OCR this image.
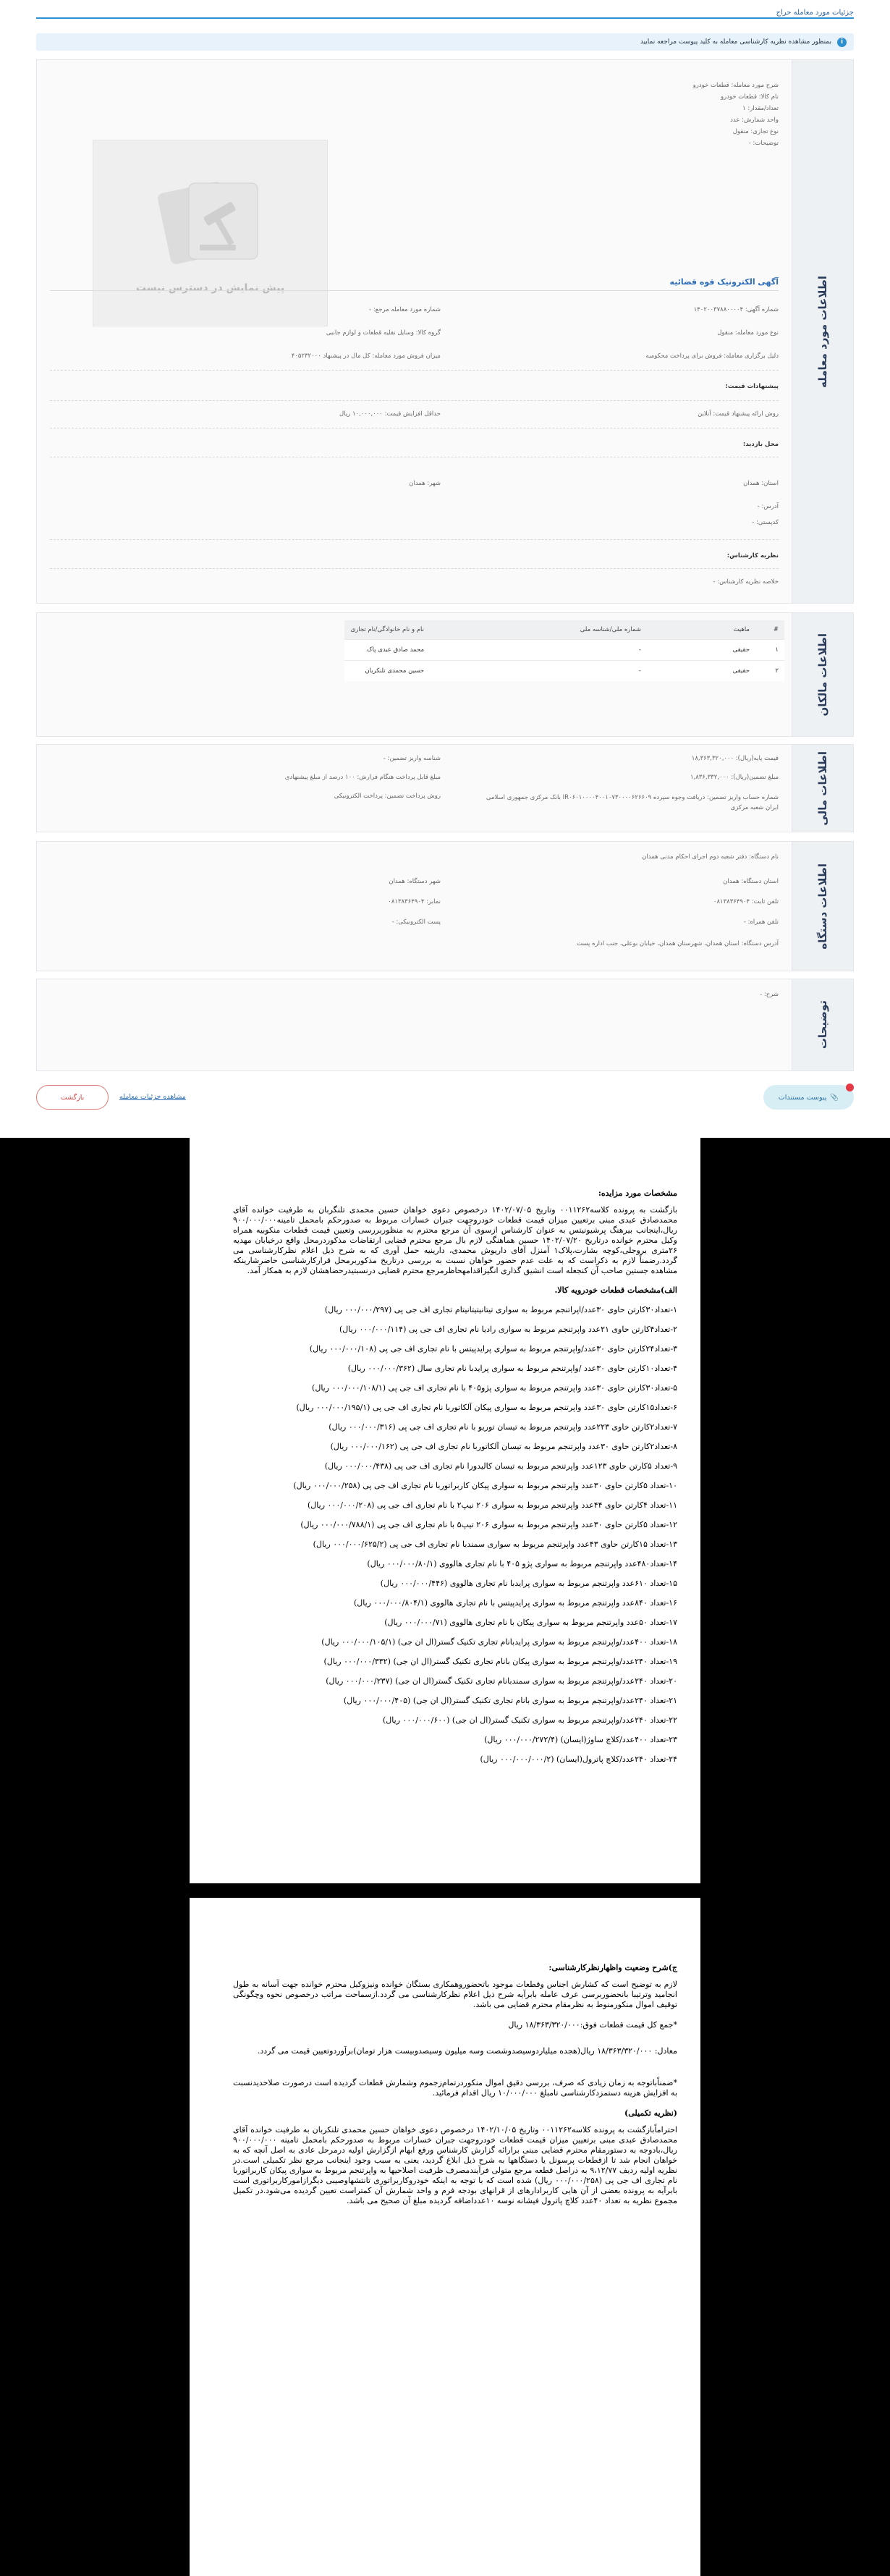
جزئیات مورد معامله حراج
i
بمنظور مشاهده نظریه کارشناسی معامله به کلید پیوست مراجعه نمایید
اطلاعات مورد معامله
شرح مورد معامله: قطعات خودرو
نام کالا: قطعات خودرو
تعداد/مقدار: ۱
واحد شمارش: عدد
نوع تجاری: منقول
توضیحات: -
پیش نمایش در دسترس نیست
آگهی الکترونیک قوه قضائیه
شماره آگهی: ۱۴۰۲۰۰۳۷۸۸۰۰۰۰۴
شماره مورد معامله مرجع: -
نوع مورد معامله: منقول
گروه کالا: وسایل نقلیه قطعات و لوازم جانبی
دلیل برگزاری معامله: فروش برای پرداخت محکومبه
میزان فروش مورد معامله: کل مال در پیشنهاد ۴۰۵۲۳۲۰۰۰
پیشنهادات قیمت:
روش ارائه پیشنهاد قیمت: آنلاین
حداقل افزایش قیمت: ۱۰,۰۰۰,۰۰۰ ریال
محل بازدید:
استان: همدان
شهر: همدان
آدرس: -
کدپستی: -
نظریه کارشناس:
خلاصه نظریه کارشناس: -
اطلاعات مالکان
#	ماهیت	شماره ملی/شناسه ملی	نام و نام خانوادگی/نام تجاری
۱	حقیقی	-	محمد صادق عبدی پاک
۲	حقیقی	-	حسین محمدی تلنکربان
اطلاعات مالی
قیمت پایه(ریال): ۱۸,۳۶۳,۳۲۰,۰۰۰
شناسه واریز تضمین: -
مبلغ تضمین(ریال): ۱,۸۳۶,۳۳۲,۰۰۰
مبلغ قابل پرداخت هنگام فرارش: ۱۰۰ درصد از مبلغ پیشنهادی
شماره حساب واریز تضمین: دریافت وجوه سپرده IR۰۶۰۱۰۰۰۰۴۰۰۱۰۷۳۰۰۰۰۶۲۶۶۰۹ بانک مرکزی جمهوری اسلامی ایران شعبه مرکزی
روش پرداخت تضمین: پرداخت الکترونیکی
اطلاعات دستگاه
نام دستگاه: دفتر شعبه دوم اجرای احکام مدنی همدان
استان دستگاه: همدان
شهر دستگاه: همدان
تلفن ثابت: ۰۸۱۳۸۳۶۴۹۰۴
نمابر: ۰۸۱۳۸۳۶۴۹۰۴
تلفن همراه: -
پست الکترونیکی: -
آدرس دستگاه: استان همدان، شهرستان همدان، خیابان بوعلی، جنب اداره پست
توضیحات
شرح: -
📎
پیوست مستندات
مشاهده جزئیات معامله
بازگشت
مشخصات مورد مزایده:

بازگشت به پرونده کلاسه۰۰۱۱۲۶۲ وتاریخ ۱۴۰۲/۰۷/۰۵ درخصوص دعوی خواهان حسین محمدی تلنگربان به طرفیت خوانده آقای محمدصادق عبدی مبنی برتعیین میزان قیمت قطعات خودروجهت جبران خسارات مربوط به صدورحکم بامحمل تامینه۹۰۰/۰۰۰/۰۰۰ ریال،اینجانب بیرهنگ پرشیونیتس به عنوان کارشناس ازسوی آن مرجع محترم به منظوربررسی وتعیین قیمت قطعات منکوبیه همراه وکیل محترم خوانده درتاریخ ۱۴۰۲/۰۷/۲۰ حسین هماهنگی لازم بال مرجع محترم قضایی ارتقاضات مذکوردرمحل واقع درخیابان مهدیه ۲۶متری بروجلی،کوچه بشارت،پلاک۱ آمنزل آقای داریوش محمدی، دارینیه حمل آوری که به شرح ذیل اعلام نظرکارشناسی می گردد.رضمناً لازم به ذکراست که به علت عدم حضور خواهان نسبت به بررسی درتاریخ مذکوربرمحل قرارکارشناسی حاضرشارینکه مشاهده جستین صاحب آن کنجعله است انشیق گذاری انگیزاقدامهحاظرمرجع محترم قضایی درنسبتیدرحضاهشان لازم به همکار آمد.

الف)مشخصات قطعات خودرویه کالا.
۱-تعداد۳۰کارتن حاوی ۳۰عدد/اپراتنجم مربوط به سواری تیتانیتیتانیتام تجاری اف جی پی (۰۰۰/۰۰۰/۲۹۷ ریال)
۲-تعداد۴کارتن حاوی ۲۱عدد واپرتنجم مربوط به سواری رادیا نام تجاری اف جی پی (۰۰۰/۰۰۰/۱۱۴ ریال)
۳-تعداد۲۴کارتن حاوی ۳۰عدد/واپرتنجم مربوط به سواری پرایدپیتس با نام تجاری اف جی پی (۰۰۰/۰۰۰/۱۰۸ ریال)
۴-تعداد۱۰کارتن حاوی ۳۰عدد /واپرتنجم مربوط به سواری پرایدبا نام تجاری سال (۰۰۰/۰۰۰/۳۶۲ ریال)
۵-تعداد۳۰کارتن حاوی ۳۰عدد واپرتنجم مربوط به سواری پژو۴۰۵ با نام تجاری اف جی پی (۰۰۰/۰۰۰/۱۰۸/۱ ریال)
۶-تعداد۱۵کارتن حاوی ۳۰عدد واپرتنجم مربوط به سواری پیکان آلکاتوربا نام تجاری اف جی پی (۰۰۰/۰۰۰/۱۹۵/۱ ریال)
۷-تعداد۲کارتن حاوی ۲۲۳عدد واپرتنجم مربوط به تیسان توریو با نام تجاری اف جی پی (۰۰۰/۰۰۰/۳۱۶ ریال)
۸-تعداد۲کارتن حاوی ۳۰عدد واپرتنجم مربوط به تیسان آلکاتوربا نام تجاری اف جی پی (۰۰۰/۰۰۰/۱۶۲ ریال)
۹-تعداد ۵کارتن حاوی ۱۲۳عدد واپرتنجم مربوط به تیسان کالیدورا نام تجاری اف جی پی (۰۰۰/۰۰۰/۴۳۸ ریال)
۱۰-تعداد ۵کارتن حاوی ۳۰عدد واپرتنجم مربوط به سواری پیکان کاربراتوربا نام تجاری اف جی پی (۰۰۰/۰۰۰/۲۵۸ ریال)
۱۱-تعداد ۴کارتن حاوی ۴۴عدد واپرتنجم مربوط به سواری ۲۰۶ نیپ۲ با نام تجاری اف جی پی (۰۰۰/۰۰۰/۲۰۸ ریال)
۱۲-تعداد ۵کارتن حاوی ۳۰عدد واپرتنجم مربوط به سواری ۲۰۶ تیپ۵ با نام تجاری اف جی پی (۰۰۰/۰۰۰/۷۸۸/۱ ریال)
۱۳-تعداد ۱۵کارتن حاوی ۴۳عدد واپرتنجم مربوط به سواری سمندبا نام تجاری اف جی پی (۰۰۰/۰۰۰/۶۲۵/۲ ریال)
۱۴-تعداد۴۸۰عدد واپرتنجم مربوط به سواری پژو ۴۰۵ با نام تجاری هالووی (۰۰۰/۰۰۰/۸۰/۱ ریال)
۱۵-تعداد ۶۱۰عدد واپرتنجم مربوط به سواری پرایدبا نام تجاری هالووی (۰۰۰/۰۰۰/۴۴۶ ریال)
۱۶-تعداد ۸۴۰عدد واپرتنجم مربوط به سواری پرایدپیتس با نام تجاری هالووی (۰۰۰/۰۰۰/۸۰۴/۱ ریال)
۱۷-تعداد ۵۰عدد واپرتنجم مربوط به سواری پیکان با نام تجاری هالووی (۰۰۰/۰۰۰/۷۱ ریال)
۱۸-تعداد ۴۰۰عدد/واپرتنجم مربوط به سواری پرایدبانام تجاری تکنیک گستر(ال ان جی) (۰۰۰/۰۰۰/۱۰۵/۱ ریال)
۱۹-تعداد ۲۴۰عدد/واپرتنجم مربوط به سواری پیکان بانام تجاری تکنیک گستر(ال ان جی) (۰۰۰/۰۰۰/۳۳۲ ریال)
۲۰-تعداد ۲۴۰عدد/واپرتنجم مربوط به سواری سمندبانام تجاری تکنیک گستر(ال ان جی) (۰۰۰/۰۰۰/۲۳۷ ریال)
۲۱-تعداد ۲۴۰عدد/واپرتنجم مربوط به سواری بانام تجاری تکنیک گستر(ال ان جی) (۰۰۰/۰۰۰/۴۰۵ ریال)
۲۲-تعداد ۲۴۰عدد/واپرتنجم مربوط به سواری تکنیک گستر(ال ان جی) (۰۰۰/۰۰۰/۶۰۰ ریال)
۲۳-تعداد ۴۰۰عدد/کلاچ ساوژ(ایسان) (۰۰۰/۰۰۰/۲۷۲/۴ ریال)
۲۴-تعداد ۲۴۰عدد/کلاچ پاترول(ایسان) (۰۰۰/۰۰۰/۰۰۰/۲ ریال)
ج)شرح وضعیت واظهارنظرکارشناسی:

لازم به توضیح است که کشارش اجناس وقطعات موجود باتحضوروهمکاری بستگان خوانده ونیزوکیل محترم خوانده جهت آسانه به طول انجامید وترتیبا بانحضوربرسی عرف عامله بابرآیه شرح ذیل اعلام نظرکارشناسی می گردد.ازسماحت مراتب درخصوص نحوه وچگونگی توقیف اموال منکورمنوط به نظرمقام محترم قضایی می باشد.

*جمع کل قیمت قطعات فوق:۱۸/۳۶۳/۳۲۰/۰۰۰ ریال

معادل: ۱۸/۳۶۳/۳۲۰/۰۰۰ ریال(هجده میلیاردوسیصدوشصت وسه میلیون وسیصدوبیست هزار تومان)برآوردوتعیین قیمت می گردد.

*ضمناًباتوجه به زمان زیادی که صرف، بررسی دقیق اموال منکوردرتمام‌زجموم وشمارش قطعات گردیده است درصورت صلاحدیدنسبت به افزایش هزینه دستمزدکارشناسی تامبلغ ۱۰/۰۰۰/۰۰۰ ریال اقدام فرمائید.

(نظریه تکمیلی)

احتراماًبازگشت به پرونده کلاسه۰۰۱۱۲۶۲ وتاریخ ۱۴۰۲/۱۰/۰۵ درخصوص دعوی خواهان حسین محمدی تلنکربان به طرفیت خوانده آقای محمدصادق عبدی مبنی برتعیین میزان قیمت قطعات خودروجهت جبران خسارات مربوط به صدورحکم بامحمل تامینه ۹۰۰/۰۰۰/۰۰۰ ریال،بادوجه به دستورمقام محترم قضایی مبنی برارائه گزارش کارشناس ورفع ابهام ازگزارش اولیه درمرحل عادی به اصل آنچه که به خواهان انجام شد تا ازقطعات پرسونل یا دستگاهها به شرح ذیل ابلاغ گردید، یعنی به سبب وجود اینجانب مرجع نظر تکمیلی است.در نظریه اولیه ردیف ۹،۱۲/۷۷ به دراصل قطعه مرجع متولی فرآیندمصرف ظرفیت اصلاحیها به واپرتنجم مربوط به سواری پیکان کاربراتوربا نام تجاری اف جی پی (۰۰۰/۰۰۰/۲۵۸ ریال) شده است که با توجه به اینکه خودروکاربراتوری تانتشهاوصیبی دیگرازامورکاربراتوری است بابرآیه به پرونده بعضی از آن هایی کاربرادارهای از قرانهای بودجه فرم و واحد شمارش آن کمتراست تعیین گردیده می‌شود.در تکمیل مجموع نظریه به تعداد ۴۰عدد کلاچ پاترول فیشانه نوسه ۱۰عدداضافه گردیده مبلغ آن صحیح می باشد.
